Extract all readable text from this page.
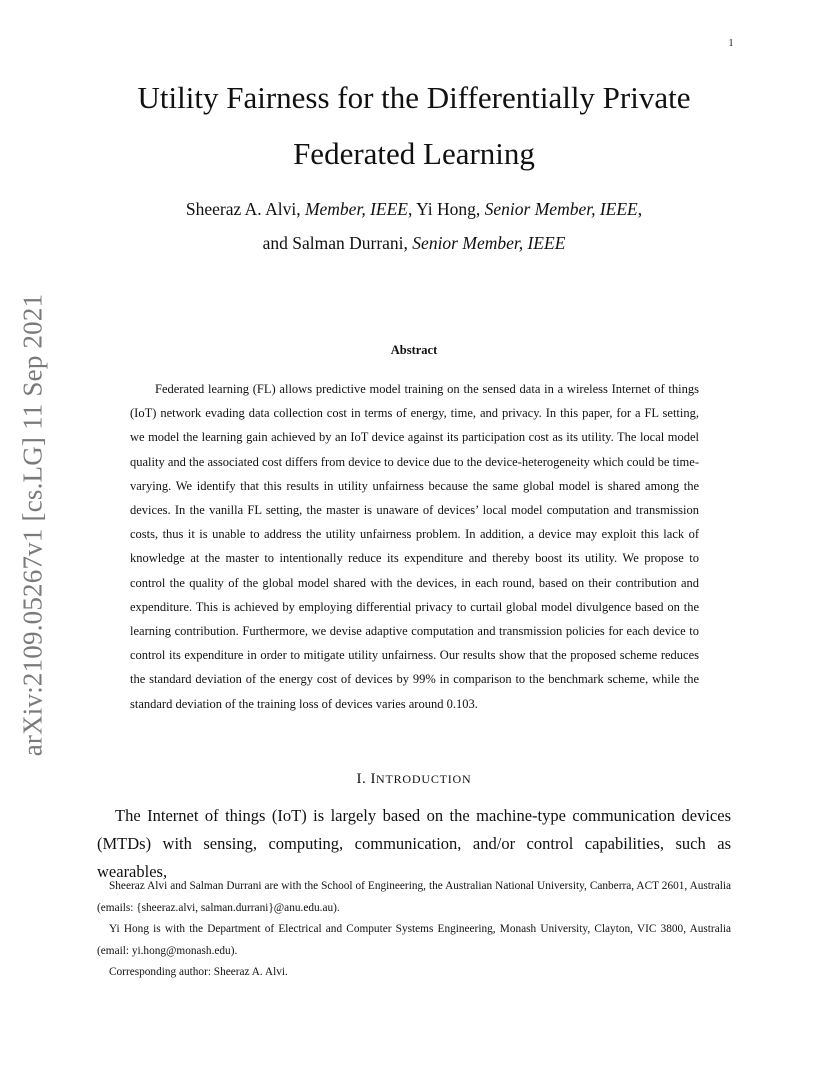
1
arXiv:2109.05267v1 [cs.LG] 11 Sep 2021
Utility Fairness for the Differentially Private
Federated Learning
Sheeraz A. Alvi, Member, IEEE, Yi Hong, Senior Member, IEEE,
and Salman Durrani, Senior Member, IEEE
Abstract

Federated learning (FL) allows predictive model training on the sensed data in a wireless Internet of things (IoT) network evading data collection cost in terms of energy, time, and privacy. In this paper, for a FL setting, we model the learning gain achieved by an IoT device against its participation cost as its utility. The local model quality and the associated cost differs from device to device due to the device-heterogeneity which could be time-varying. We identify that this results in utility unfairness because the same global model is shared among the devices. In the vanilla FL setting, the master is unaware of devices’ local model computation and transmission costs, thus it is unable to address the utility unfairness problem. In addition, a device may exploit this lack of knowledge at the master to intentionally reduce its expenditure and thereby boost its utility. We propose to control the quality of the global model shared with the devices, in each round, based on their contribution and expenditure. This is achieved by employing differential privacy to curtail global model divulgence based on the learning contribution. Furthermore, we devise adaptive computation and transmission policies for each device to control its expenditure in order to mitigate utility unfairness. Our results show that the proposed scheme reduces the standard deviation of the energy cost of devices by 99% in comparison to the benchmark scheme, while the standard deviation of the training loss of devices varies around 0.103.

I. INTRODUCTION

The Internet of things (IoT) is largely based on the machine-type communication devices (MTDs) with sensing, computing, communication, and/or control capabilities, such as wearables,

Sheeraz Alvi and Salman Durrani are with the School of Engineering, the Australian National University, Canberra, ACT 2601, Australia (emails: {sheeraz.alvi, salman.durrani}@anu.edu.au).

Yi Hong is with the Department of Electrical and Computer Systems Engineering, Monash University, Clayton, VIC 3800, Australia (email: yi.hong@monash.edu).

Corresponding author: Sheeraz A. Alvi.
